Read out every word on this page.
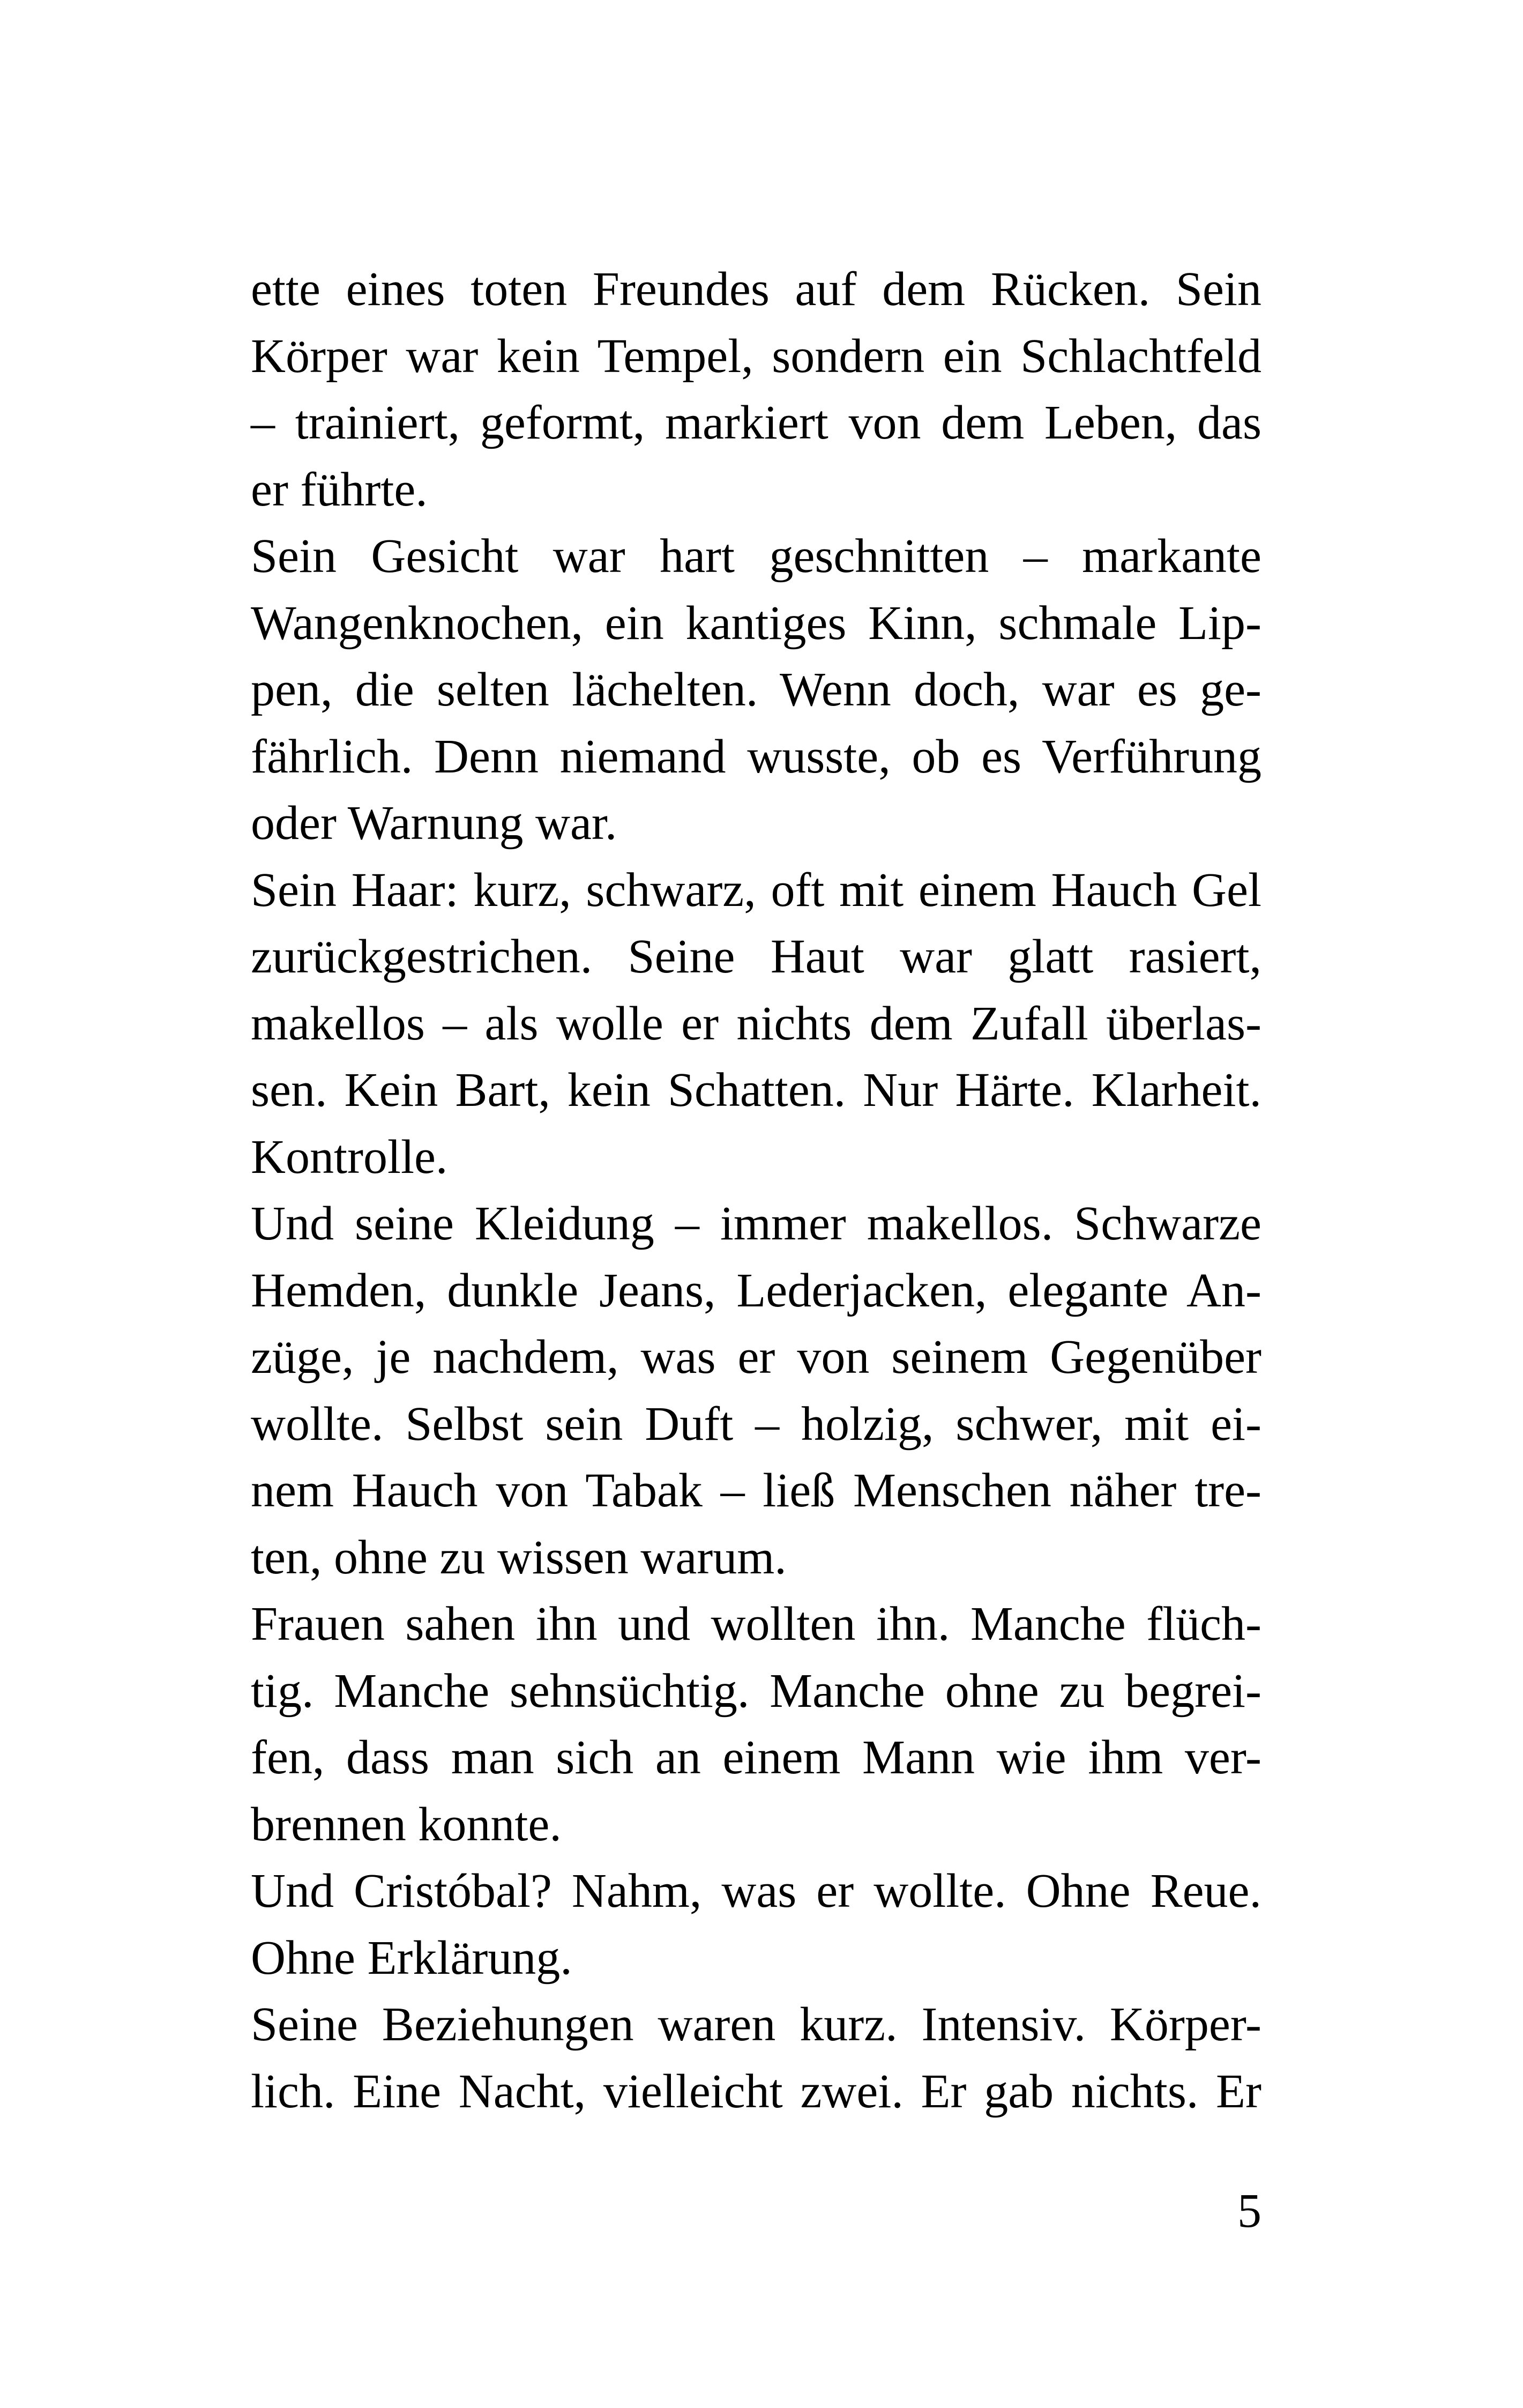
ette eines toten Freundes auf dem Rücken. Sein
Körper war kein Tempel, sondern ein Schlachtfeld
– trainiert, geformt, markiert von dem Leben, das
er führte.
Sein Gesicht war hart geschnitten – markante
Wangenknochen, ein kantiges Kinn, schmale Lip-
pen, die selten lächelten. Wenn doch, war es ge-
fährlich. Denn niemand wusste, ob es Verführung
oder Warnung war.
Sein Haar: kurz, schwarz, oft mit einem Hauch Gel
zurückgestrichen. Seine Haut war glatt rasiert,
makellos – als wolle er nichts dem Zufall überlas-
sen. Kein Bart, kein Schatten. Nur Härte. Klarheit.
Kontrolle.
Und seine Kleidung – immer makellos. Schwarze
Hemden, dunkle Jeans, Lederjacken, elegante An-
züge, je nachdem, was er von seinem Gegenüber
wollte. Selbst sein Duft – holzig, schwer, mit ei-
nem Hauch von Tabak – ließ Menschen näher tre-
ten, ohne zu wissen warum.
Frauen sahen ihn und wollten ihn. Manche flüch-
tig. Manche sehnsüchtig. Manche ohne zu begrei-
fen, dass man sich an einem Mann wie ihm ver-
brennen konnte.
Und Cristóbal? Nahm, was er wollte. Ohne Reue.
Ohne Erklärung.
Seine Beziehungen waren kurz. Intensiv. Körper-
lich. Eine Nacht, vielleicht zwei. Er gab nichts. Er
5
